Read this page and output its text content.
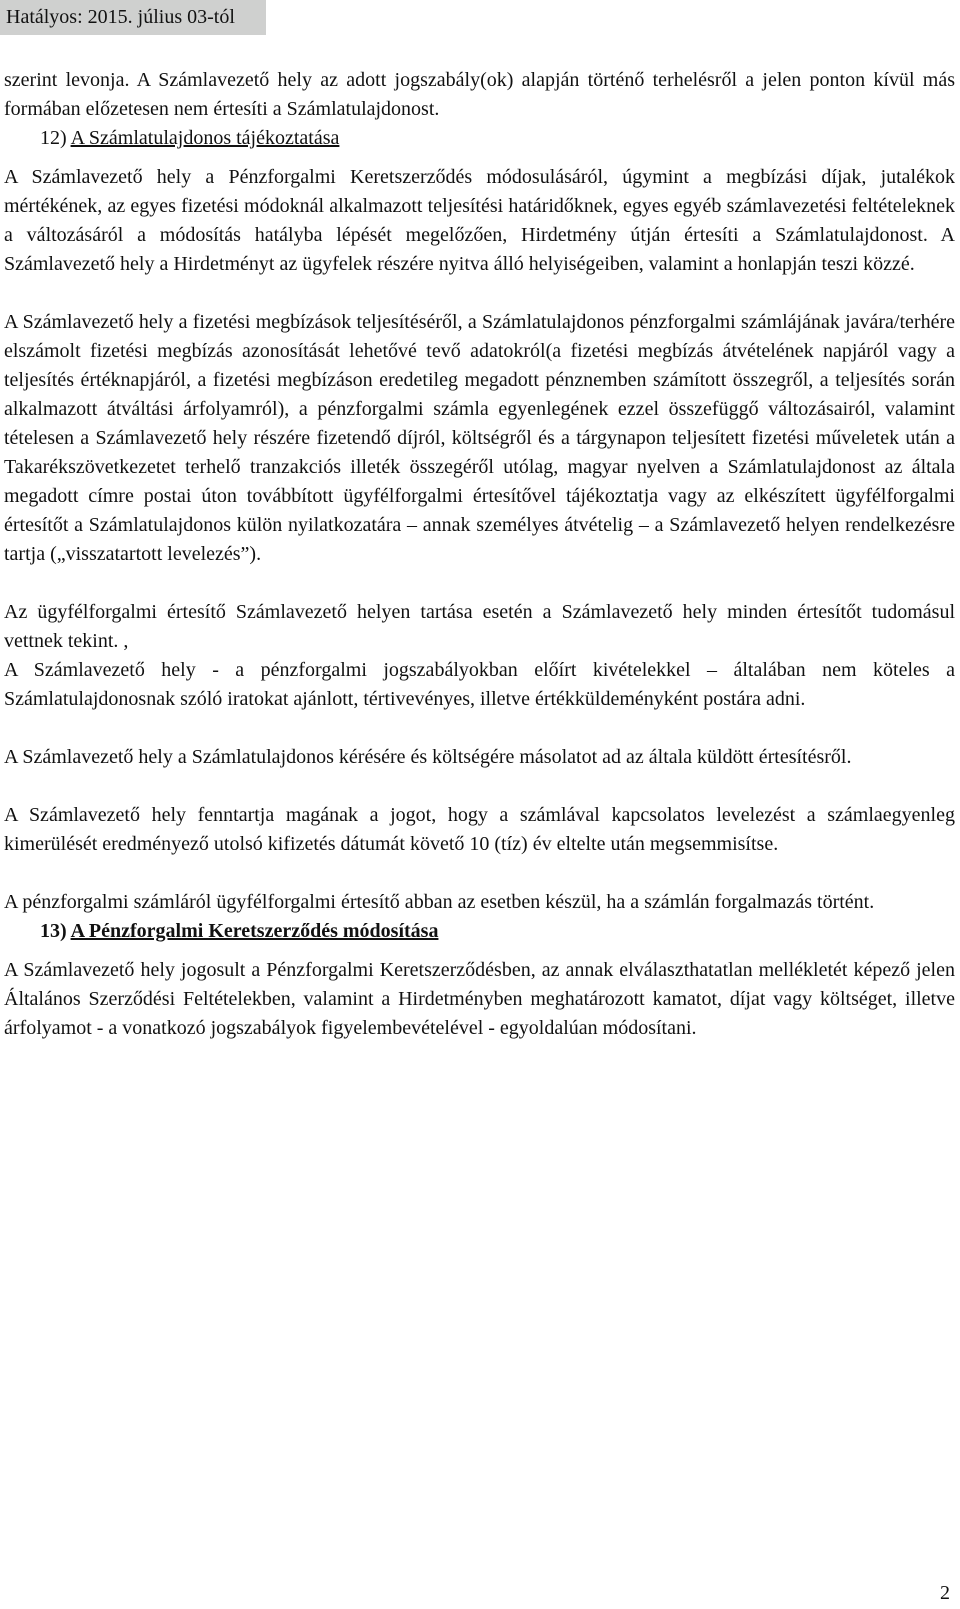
Hatályos: 2015. július 03-tól

szerint levonja. A Számlavezető hely az adott jogszabály(ok) alapján történő terhelésről a jelen ponton kívül más formában előzetesen nem értesíti a Számlatulajdonost.

12) A Számlatulajdonos tájékoztatása

A Számlavezető hely a Pénzforgalmi Keretszerződés módosulásáról, úgymint a megbízási díjak, jutalékok mértékének, az egyes fizetési módoknál alkalmazott teljesítési határidőknek, egyes egyéb számlavezetési feltételeknek a változásáról a módosítás hatályba lépését megelőzően, Hirdetmény útján értesíti a Számlatulajdonost. A Számlavezető hely a Hirdetményt az ügyfelek részére nyitva álló helyiségeiben, valamint a honlapján teszi közzé.

A Számlavezető hely a fizetési megbízások teljesítéséről, a Számlatulajdonos pénzforgalmi számlájának javára/terhére elszámolt fizetési megbízás azonosítását lehetővé tevő adatokról(a fizetési megbízás átvételének napjáról vagy a teljesítés értéknapjáról, a fizetési megbízáson eredetileg megadott pénznemben számított összegről, a teljesítés során alkalmazott átváltási árfolyamról), a pénzforgalmi számla egyenlegének ezzel összefüggő változásairól, valamint tételesen a Számlavezető hely részére fizetendő díjról, költségről és a tárgynapon teljesített fizetési műveletek után a Takarékszövetkezetet terhelő tranzakciós illeték összegéről utólag, magyar nyelven a Számlatulajdonost az általa megadott címre postai úton továbbított ügyfélforgalmi értesítővel tájékoztatja vagy az elkészített ügyfélforgalmi értesítőt a Számlatulajdonos külön nyilatkozatára – annak személyes átvételig – a Számlavezető helyen rendelkezésre tartja („visszatartott levelezés”).

Az ügyfélforgalmi értesítő Számlavezető helyen tartása esetén a Számlavezető hely minden értesítőt tudomásul vettnek tekint. ,

A Számlavezető hely - a pénzforgalmi jogszabályokban előírt kivételekkel – általában nem köteles a Számlatulajdonosnak szóló iratokat ajánlott, tértivevényes, illetve értékküldeményként postára adni.

A Számlavezető hely a Számlatulajdonos kérésére és költségére másolatot ad az általa küldött értesítésről.

A Számlavezető hely fenntartja magának a jogot, hogy a számlával kapcsolatos levelezést a számlaegyenleg kimerülését eredményező utolsó kifizetés dátumát követő 10 (tíz) év eltelte után megsemmisítse.

A pénzforgalmi számláról ügyfélforgalmi értesítő abban az esetben készül, ha a számlán forgalmazás történt.

13) A Pénzforgalmi Keretszerződés módosítása

A Számlavezető hely jogosult a Pénzforgalmi Keretszerződésben, az annak elválaszthatatlan mellékletét képező jelen Általános Szerződési Feltételekben, valamint a Hirdetményben meghatározott kamatot, díjat vagy költséget, illetve árfolyamot - a vonatkozó jogszabályok figyelembevételével - egyoldalúan módosítani.

2
